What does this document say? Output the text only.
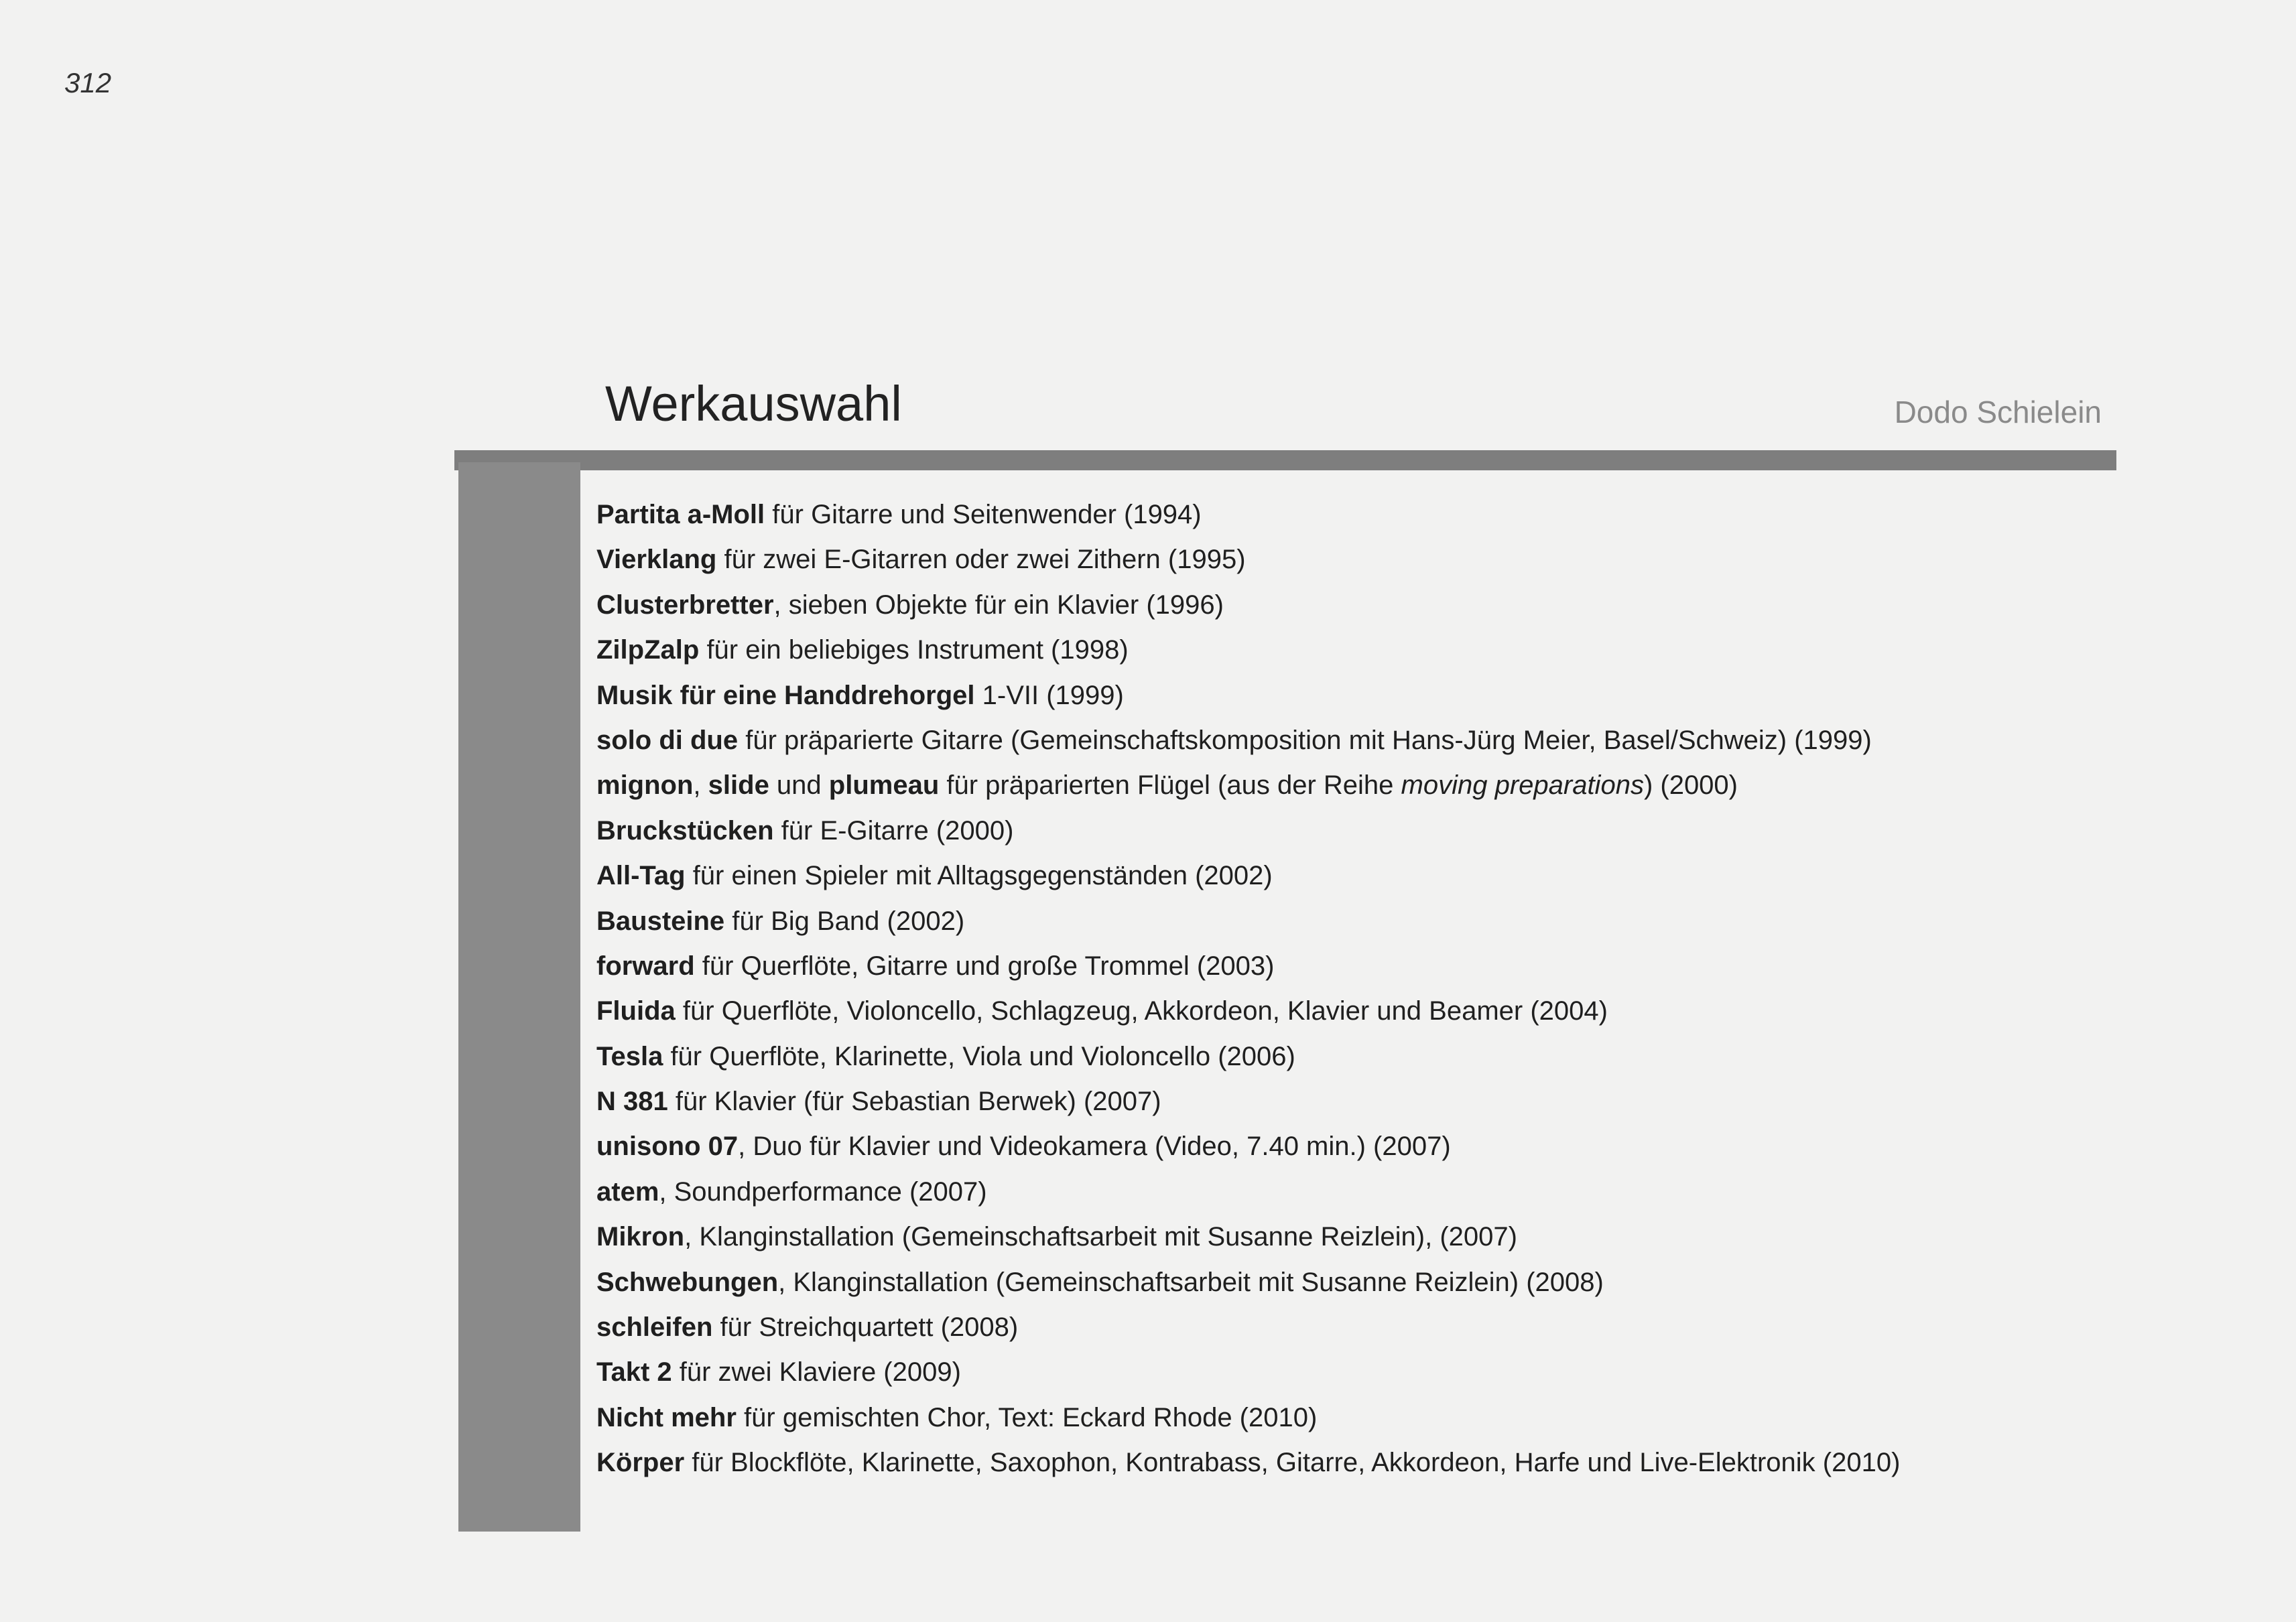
312
Werkauswahl	Dodo Schielein
Partita a-Moll für Gitarre und Seitenwender (1994)
Vierklang für zwei E-Gitarren oder zwei Zithern (1995)
Clusterbretter, sieben Objekte für ein Klavier (1996)
ZilpZalp für ein beliebiges Instrument (1998)
Musik für eine Handdrehorgel 1-VII (1999)
solo di due für präparierte Gitarre (Gemeinschaftskomposition mit Hans-Jürg Meier, Basel/Schweiz) (1999)
mignon, slide und plumeau für präparierten Flügel (aus der Reihe moving preparations) (2000)
Bruckstücken für E-Gitarre (2000)
All-Tag für einen Spieler mit Alltagsgegenständen (2002)
Bausteine für Big Band (2002)
forward für Querflöte, Gitarre und große Trommel (2003)
Fluida für Querflöte, Violoncello, Schlagzeug, Akkordeon, Klavier und Beamer (2004)
Tesla für Querflöte, Klarinette, Viola und Violoncello (2006)
N 381 für Klavier (für Sebastian Berwek) (2007)
unisono 07, Duo für Klavier und Videokamera (Video, 7.40 min.) (2007)
atem, Soundperformance (2007)
Mikron, Klanginstallation (Gemeinschaftsarbeit mit Susanne Reizlein), (2007)
Schwebungen, Klanginstallation (Gemeinschaftsarbeit mit Susanne Reizlein) (2008)
schleifen für Streichquartett (2008)
Takt 2 für zwei Klaviere (2009)
Nicht mehr für gemischten Chor, Text: Eckard Rhode (2010)
Körper für Blockflöte, Klarinette, Saxophon, Kontrabass, Gitarre, Akkordeon, Harfe und Live-Elektronik (2010)
